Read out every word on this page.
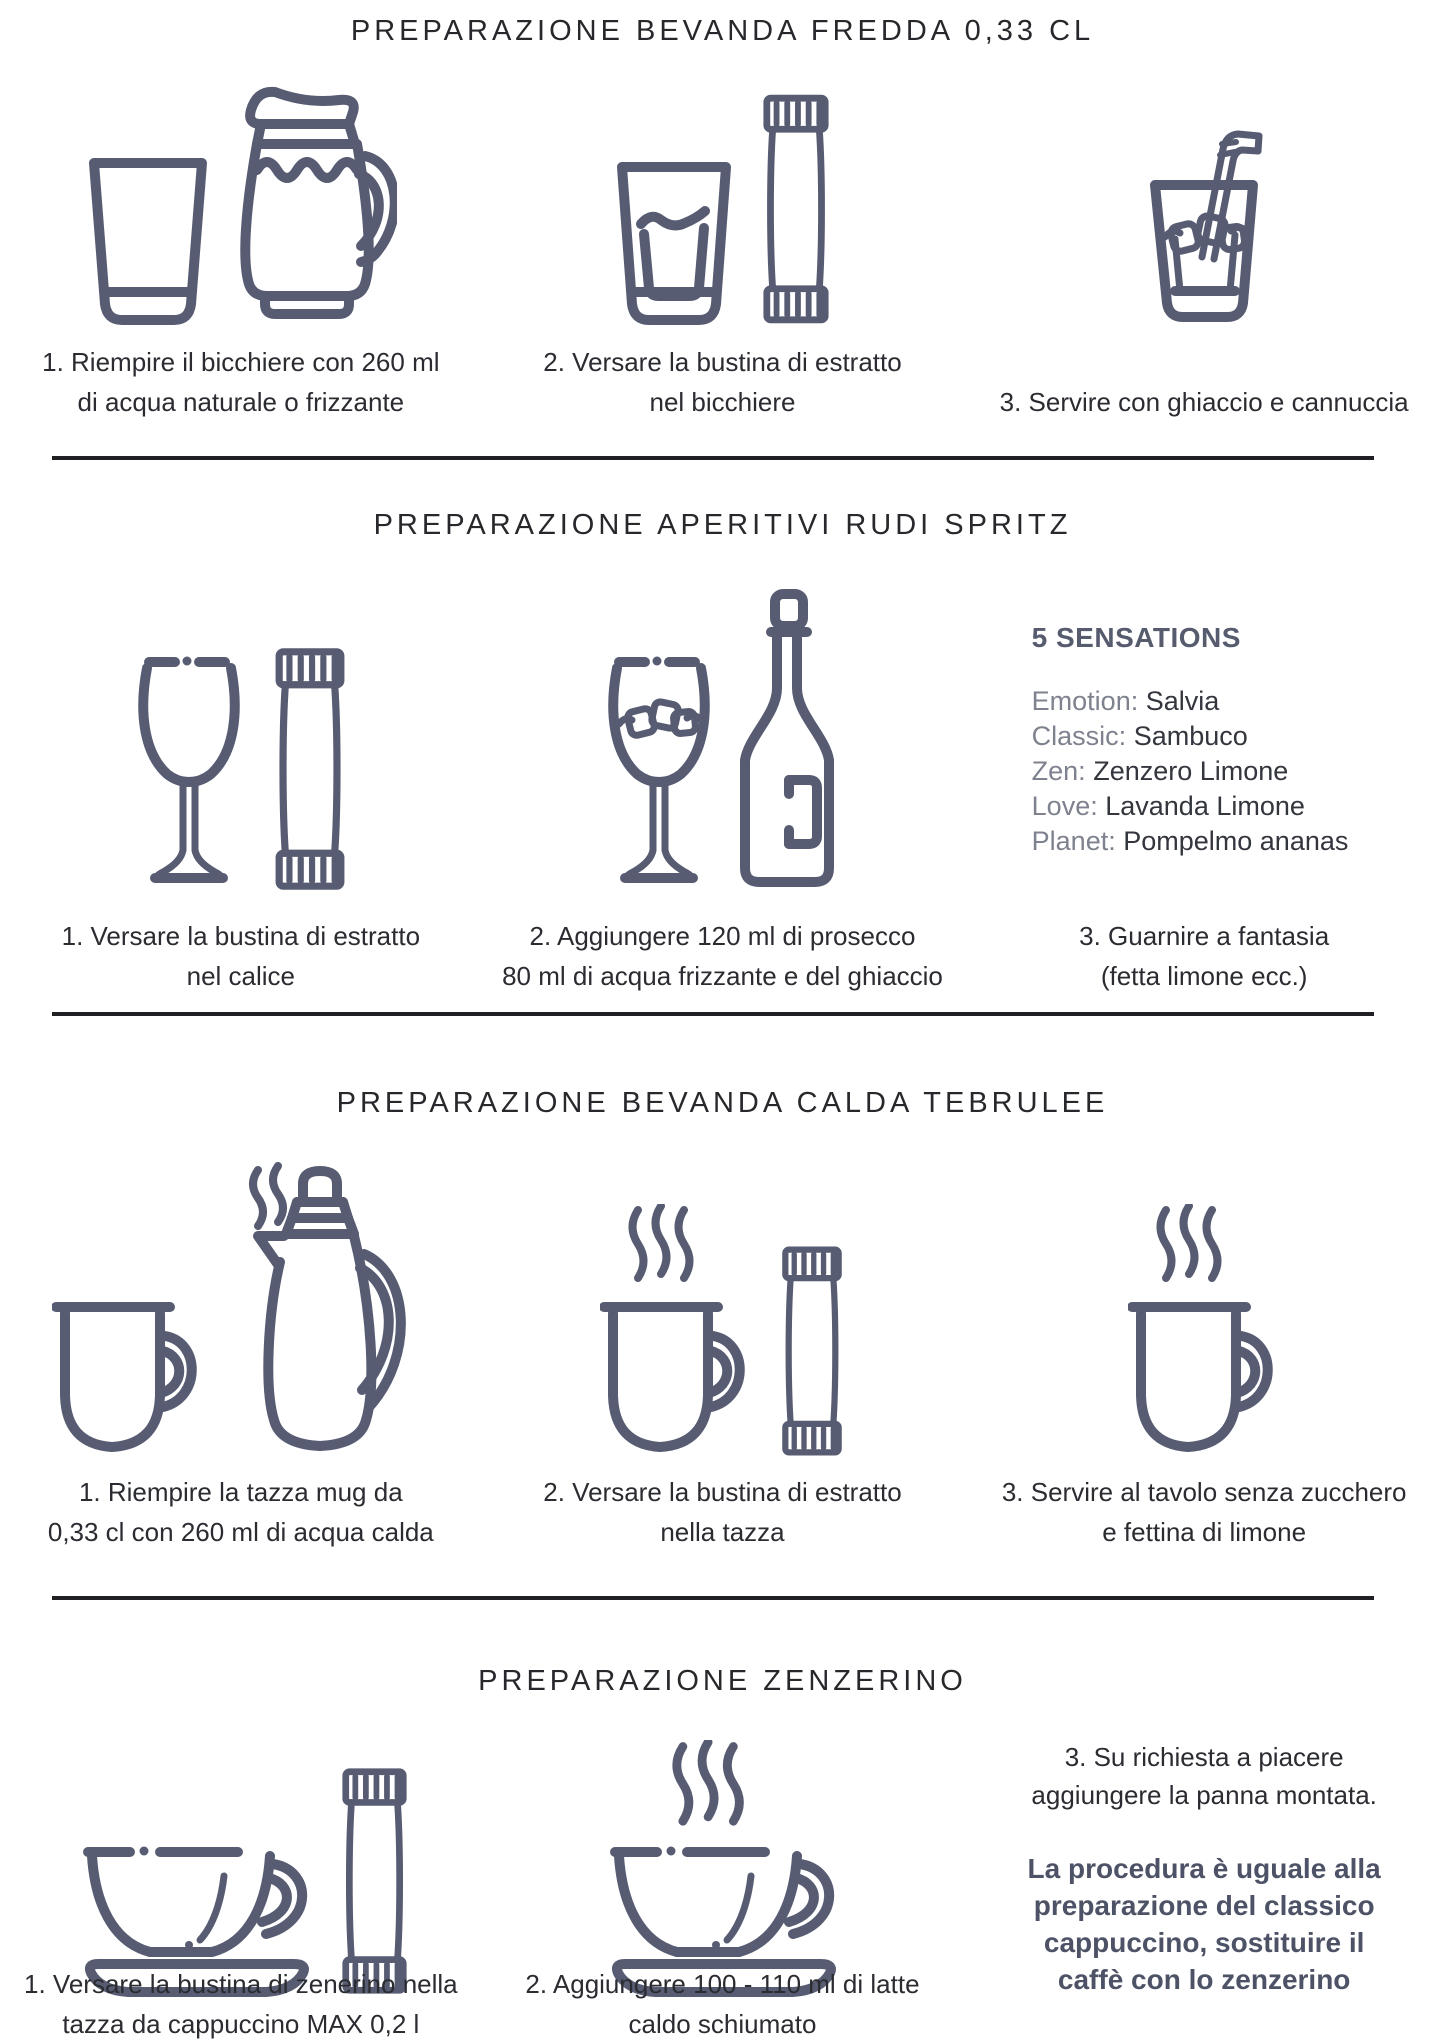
PREPARAZIONE BEVANDA FREDDA 0,33 CL
1. Riempire il bicchiere con 260 ml
di acqua naturale o frizzante
2. Versare la bustina di estratto
nel bicchiere	3. Servire con ghiaccio e cannuccia
PREPARAZIONE APERITIVI RUDI SPRITZ
5 SENSATIONS
Emotion: Salvia
Classic: Sambuco
Zen: Zenzero Limone
Love: Lavanda Limone
Planet: Pompelmo ananas
1. Versare la bustina di estratto
nel calice
2. Aggiungere 120 ml di prosecco
80 ml di acqua frizzante e del ghiaccio
3. Guarnire a fantasia
(fetta limone ecc.)
PREPARAZIONE BEVANDA CALDA TEBRULEE
1. Riempire la tazza mug da
0,33 cl con 260 ml di acqua calda
2. Versare la bustina di estratto
nella tazza
3. Servire al tavolo senza zucchero
e fettina di limone
PREPARAZIONE ZENZERINO
3. Su richiesta a piacere
aggiungere la panna montata.
La procedura è uguale alla
preparazione del classico
cappuccino, sostituire il
caffè con lo zenzerino
1. Versare la bustina di zenerino nella
tazza da cappuccino MAX 0,2 l
2. Aggiungere 100 - 110 ml di latte
caldo schiumato
